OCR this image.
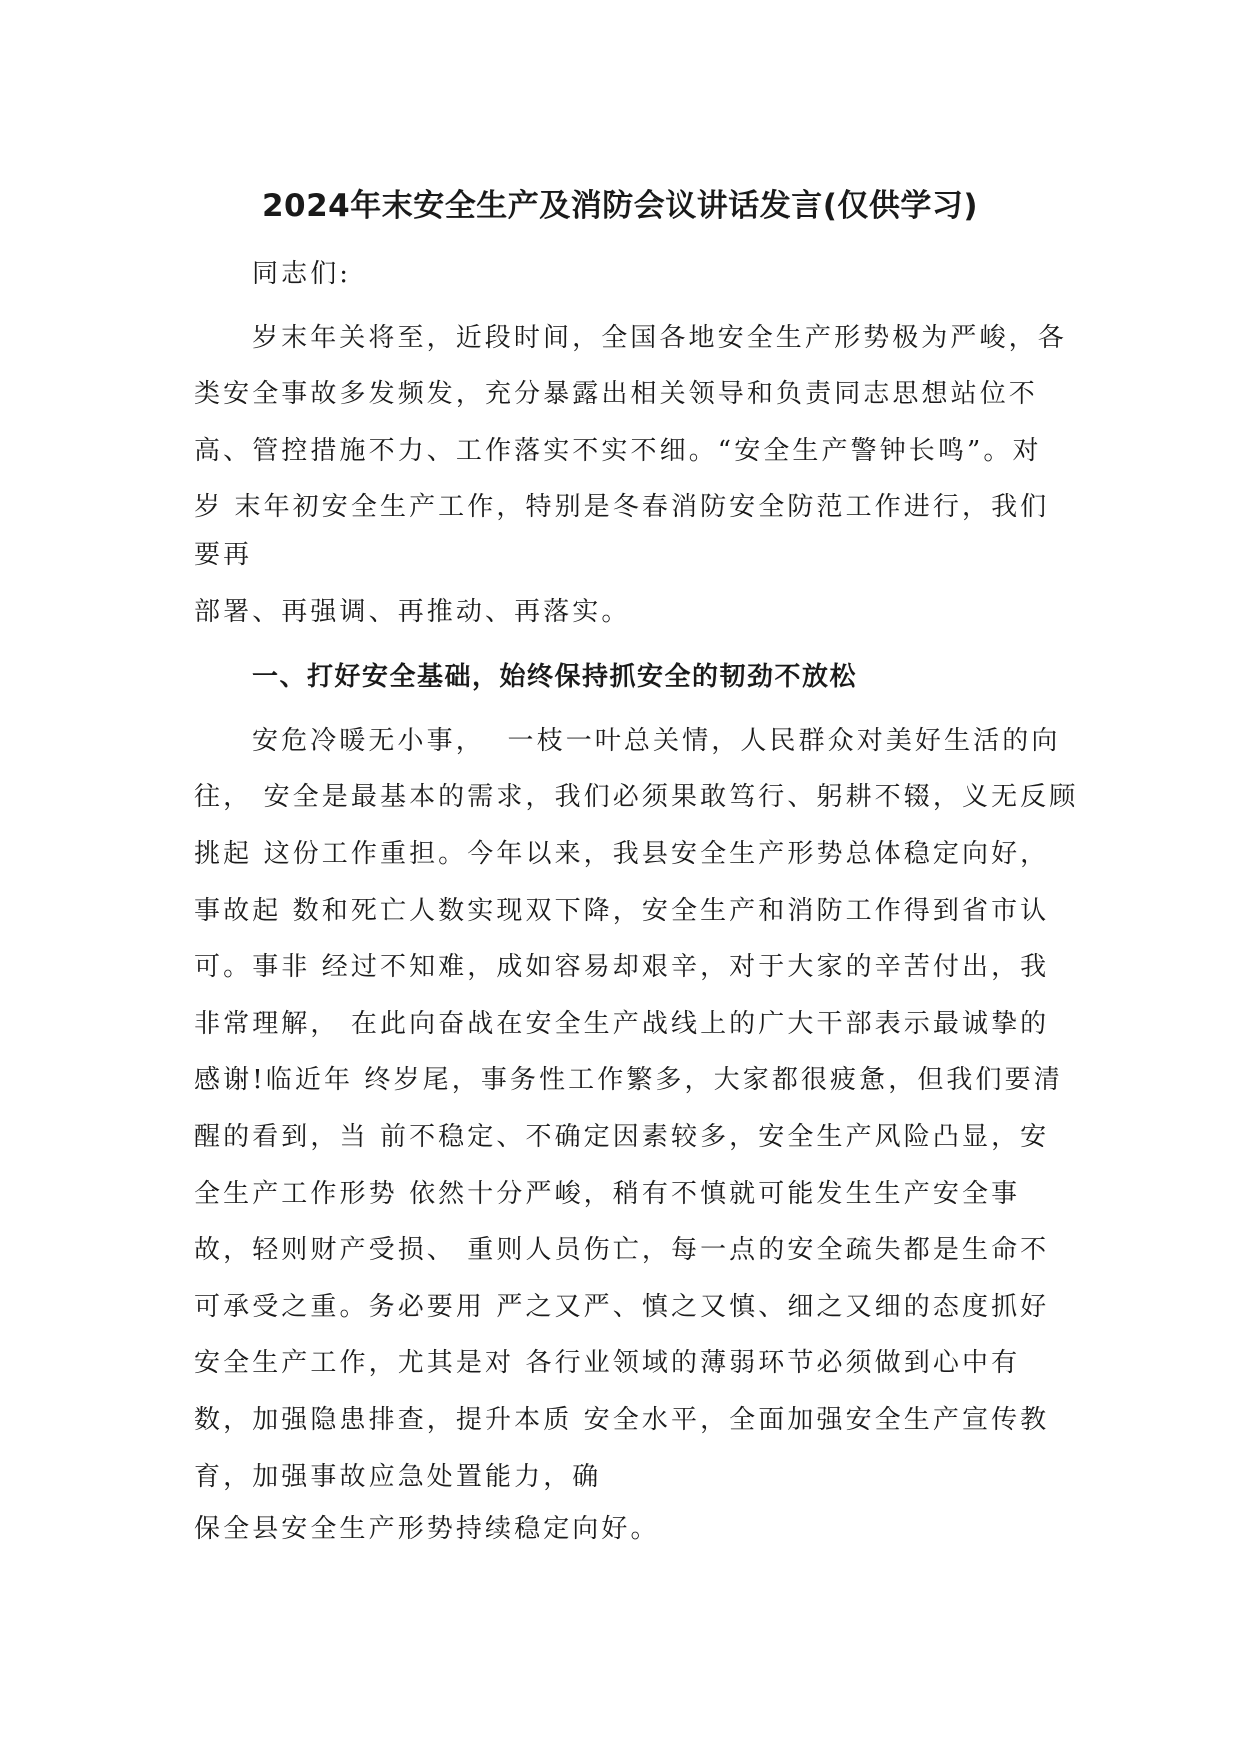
2024年末安全生产及消防会议讲话发言(仅供学习)

同志们:

岁末年关将至，近段时间，全国各地安全生产形势极为严峻，各

类安全事故多发频发，充分暴露出相关领导和负责同志思想站位不

高、管控措施不力、工作落实不实不细。“安全生产警钟长鸣”。对

岁 末年初安全生产工作，特别是冬春消防安全防范工作进行，我们

要再

部署、再强调、再推动、再落实。

一、打好安全基础，始终保持抓安全的韧劲不放松

安危冷暖无小事，  一枝一叶总关情，人民群众对美好生活的向

往， 安全是最基本的需求，我们必须果敢笃行、躬耕不辍，义无反顾

挑起 这份工作重担。今年以来，我县安全生产形势总体稳定向好，

事故起 数和死亡人数实现双下降，安全生产和消防工作得到省市认

可。事非 经过不知难，成如容易却艰辛，对于大家的辛苦付出，我

非常理解， 在此向奋战在安全生产战线上的广大干部表示最诚挚的

感谢!临近年 终岁尾，事务性工作繁多，大家都很疲惫，但我们要清

醒的看到，当 前不稳定、不确定因素较多，安全生产风险凸显，安

全生产工作形势 依然十分严峻，稍有不慎就可能发生生产安全事

故，轻则财产受损、 重则人员伤亡，每一点的安全疏失都是生命不

可承受之重。务必要用 严之又严、慎之又慎、细之又细的态度抓好

安全生产工作，尤其是对 各行业领域的薄弱环节必须做到心中有

数，加强隐患排查，提升本质 安全水平，全面加强安全生产宣传教

育，加强事故应急处置能力，确

保全县安全生产形势持续稳定向好。
